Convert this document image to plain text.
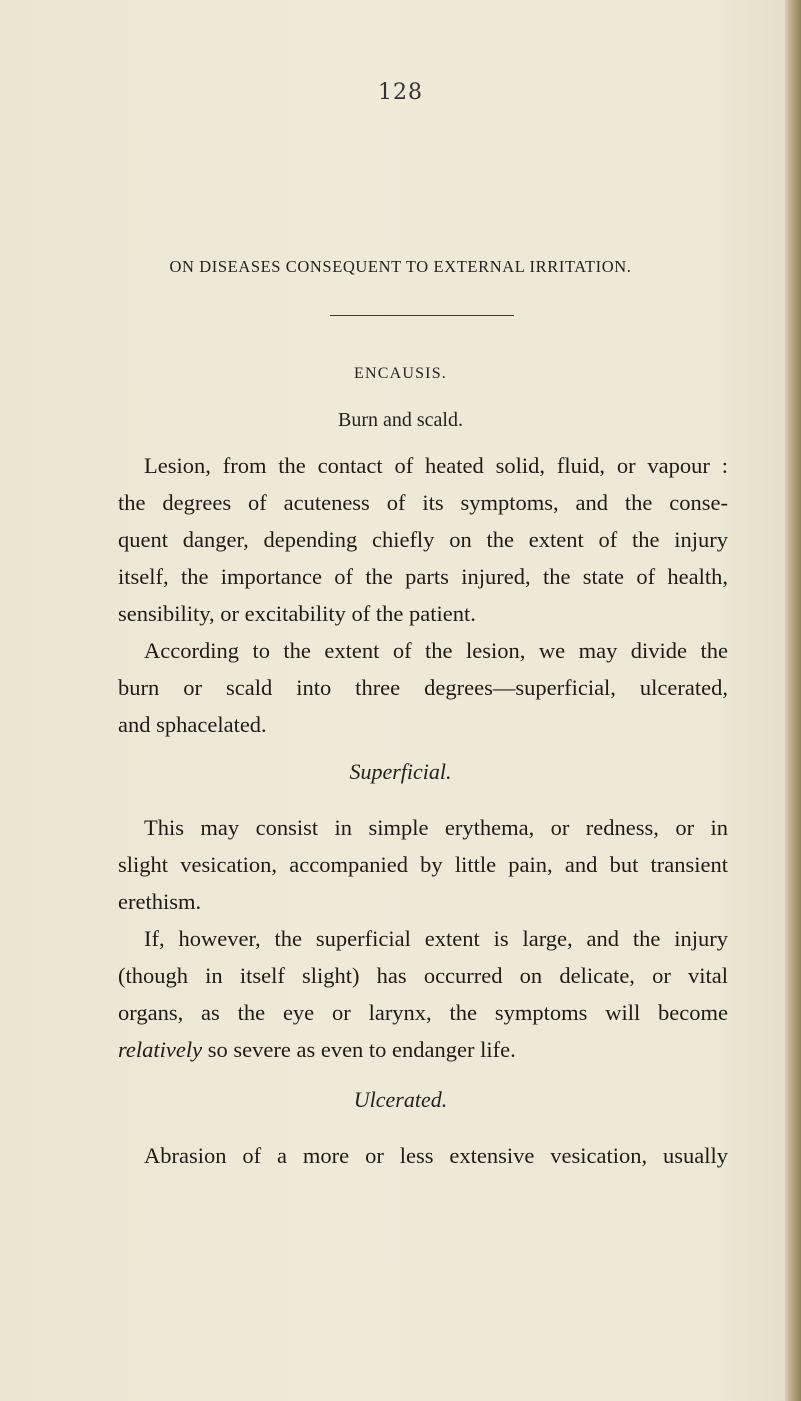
128
ON DISEASES CONSEQUENT TO EXTERNAL IRRITATION.
ENCAUSIS.
Burn and scald.
Lesion, from the contact of heated solid, fluid, or vapour :
the degrees of acuteness of its symptoms, and the conse-
quent danger, depending chiefly on the extent of the injury
itself, the importance of the parts injured, the state of health,
sensibility, or excitability of the patient.
According to the extent of the lesion, we may divide the
burn or scald into three degrees—superficial, ulcerated,
and sphacelated.
Superficial.
This may consist in simple erythema, or redness, or in
slight vesication, accompanied by little pain, and but transient
erethism.
If, however, the superficial extent is large, and the injury
(though in itself slight) has occurred on delicate, or vital
organs, as the eye or larynx, the symptoms will become
relatively so severe as even to endanger life.
Ulcerated.
Abrasion of a more or less extensive vesication, usually
